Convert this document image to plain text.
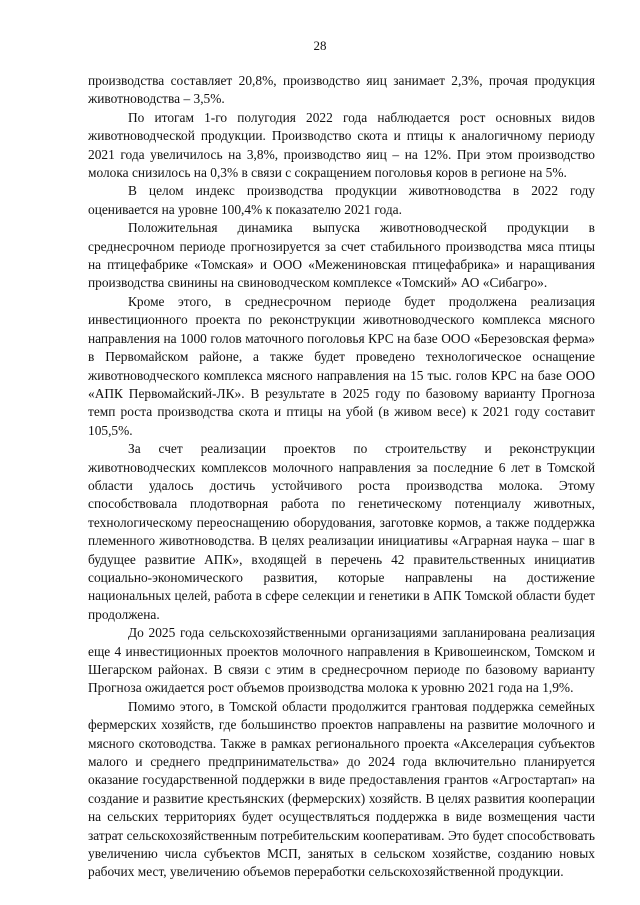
28

производства составляет 20,8%, производство яиц занимает 2,3%, прочая продукция животноводства – 3,5%.

По итогам 1-го полугодия 2022 года наблюдается рост основных видов животноводческой продукции. Производство скота и птицы к аналогичному периоду 2021 года увеличилось на 3,8%, производство яиц – на 12%. При этом производство молока снизилось на 0,3% в связи с сокращением поголовья коров в регионе на 5%.

В целом индекс производства продукции животноводства в 2022 году оценивается на уровне 100,4% к показателю 2021 года.

Положительная динамика выпуска животноводческой продукции в среднесрочном периоде прогнозируется за счет стабильного производства мяса птицы на птицефабрике «Томская» и ООО «Межениновская птицефабрика» и наращивания производства свинины на свиноводческом комплексе «Томский» АО «Сибагро».

Кроме этого, в среднесрочном периоде будет продолжена реализация инвестиционного проекта по реконструкции животноводческого комплекса мясного направления на 1000 голов маточного поголовья КРС на базе ООО «Березовская ферма» в Первомайском районе, а также будет проведено технологическое оснащение животноводческого комплекса мясного направления на 15 тыс. голов КРС на базе ООО «АПК Первомайский-ЛК». В результате в 2025 году по базовому варианту Прогноза темп роста производства скота и птицы на убой (в живом весе) к 2021 году составит 105,5%.

За счет реализации проектов по строительству и реконструкции животноводческих комплексов молочного направления за последние 6 лет в Томской области удалось достичь устойчивого роста производства молока. Этому способствовала плодотворная работа по генетическому потенциалу животных, технологическому переоснащению оборудования, заготовке кормов, а также поддержка племенного животноводства. В целях реализации инициативы «Аграрная наука – шаг в будущее развитие АПК», входящей в перечень 42 правительственных инициатив социально-экономического развития, которые направлены на достижение национальных целей, работа в сфере селекции и генетики в АПК Томской области будет продолжена.

До 2025 года сельскохозяйственными организациями запланирована реализация еще 4 инвестиционных проектов молочного направления в Кривошеинском, Томском и Шегарском районах. В связи с этим в среднесрочном периоде по базовому варианту Прогноза ожидается рост объемов производства молока к уровню 2021 года на 1,9%.

Помимо этого, в Томской области продолжится грантовая поддержка семейных фермерских хозяйств, где большинство проектов направлены на развитие молочного и мясного скотоводства. Также в рамках регионального проекта «Акселерация субъектов малого и среднего предпринимательства» до 2024 года включительно планируется оказание государственной поддержки в виде предоставления грантов «Агростартап» на создание и развитие крестьянских (фермерских) хозяйств. В целях развития кооперации на сельских территориях будет осуществляться поддержка в виде возмещения части затрат сельскохозяйственным потребительским кооперативам. Это будет способствовать увеличению числа субъектов МСП, занятых в сельском хозяйстве, созданию новых рабочих мест, увеличению объемов переработки сельскохозяйственной продукции.
